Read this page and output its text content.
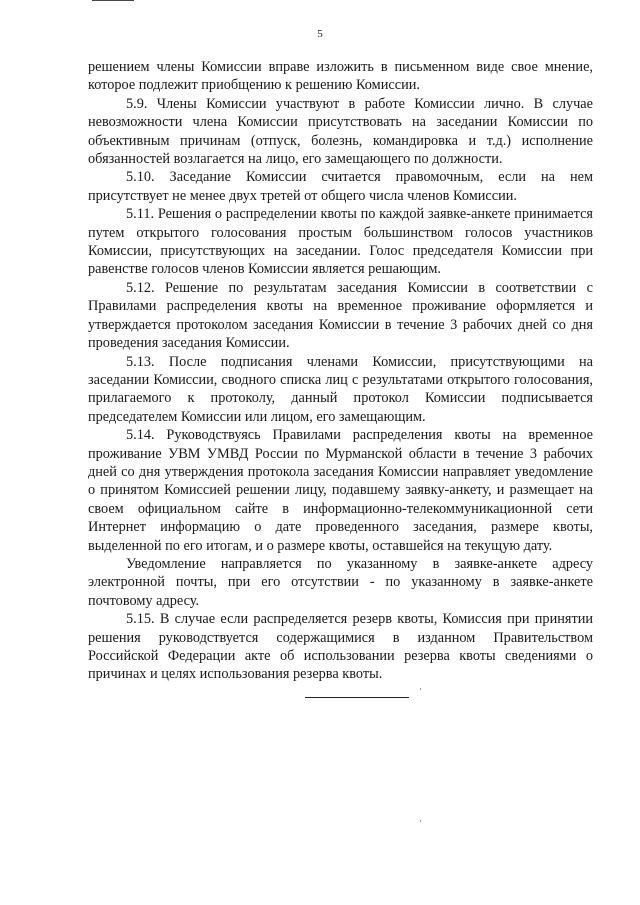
5

решением члены Комиссии вправе изложить в письменном виде свое мнение, которое подлежит приобщению к решению Комиссии.

5.9. Члены Комиссии участвуют в работе Комиссии лично. В случае невозможности члена Комиссии присутствовать на заседании Комиссии по объективным причинам (отпуск, болезнь, командировка и т.д.) исполнение обязанностей возлагается на лицо, его замещающего по должности.

5.10. Заседание Комиссии считается правомочным, если на нем присутствует не менее двух третей от общего числа членов Комиссии.

5.11. Решения о распределении квоты по каждой заявке-анкете принимается путем открытого голосования простым большинством голосов участников Комиссии, присутствующих на заседании. Голос председателя Комиссии при равенстве голосов членов Комиссии является решающим.

5.12. Решение по результатам заседания Комиссии в соответствии с Правилами распределения квоты на временное проживание оформляется и утверждается протоколом заседания Комиссии в течение 3 рабочих дней со дня проведения заседания Комиссии.

5.13. После подписания членами Комиссии, присутствующими на заседании Комиссии, сводного списка лиц с результатами открытого голосования, прилагаемого к протоколу, данный протокол Комиссии подписывается председателем Комиссии или лицом, его замещающим.

5.14. Руководствуясь Правилами распределения квоты на временное проживание УВМ УМВД России по Мурманской области в течение 3 рабочих дней со дня утверждения протокола заседания Комиссии направляет уведомление о принятом Комиссией решении лицу, подавшему заявку-анкету, и размещает на своем официальном сайте в информационно-телекоммуникационной сети Интернет информацию о дате проведенного заседания, размере квоты, выделенной по его итогам, и о размере квоты, оставшейся на текущую дату.

Уведомление направляется по указанному в заявке-анкете адресу электронной почты, при его отсутствии - по указанному в заявке-анкете почтовому адресу.

5.15. В случае если распределяется резерв квоты, Комиссия при принятии решения руководствуется содержащимися в изданном Правительством Российской Федерации акте об использовании резерва квоты сведениями о причинах и целях использования резерва квоты.
